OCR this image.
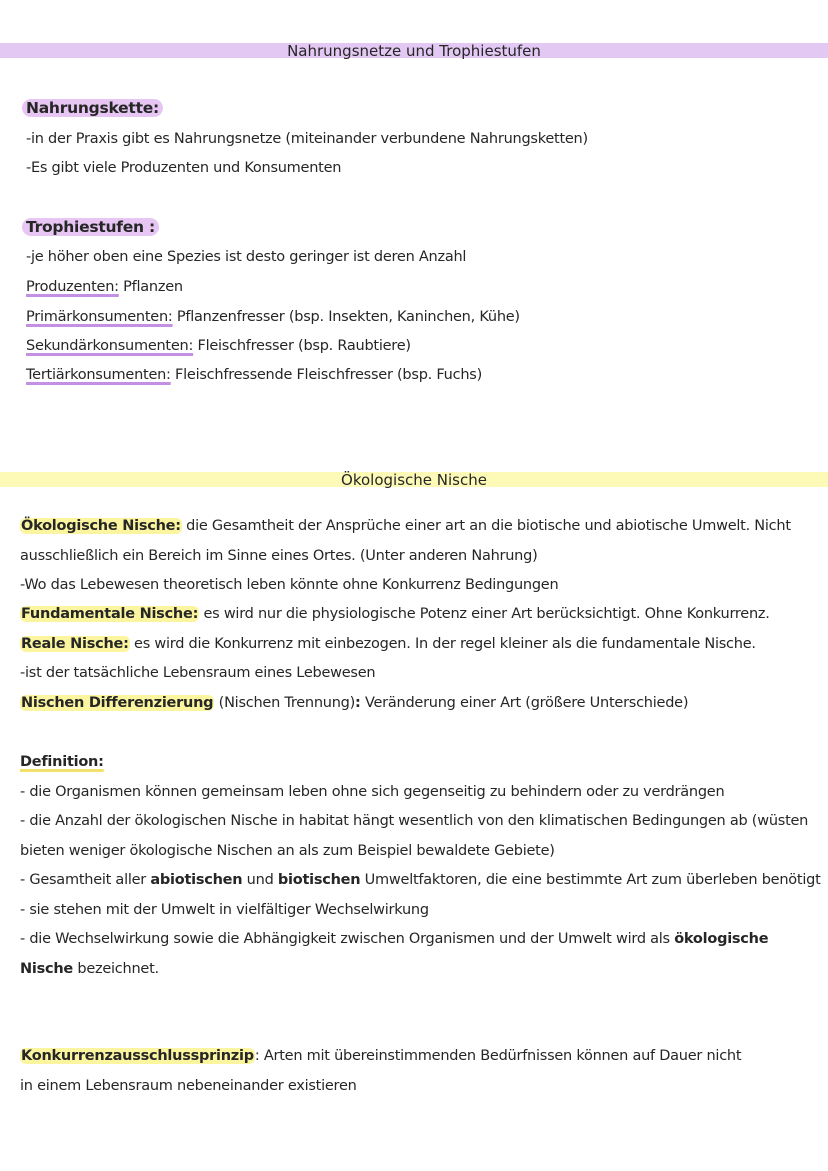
Nahrungsnetze und Trophiestufen
Nahrungskette:
-in der Praxis gibt es Nahrungsnetze (miteinander verbundene Nahrungsketten)
-Es gibt viele Produzenten und Konsumenten
Trophiestufen :
-je höher oben eine Spezies ist desto geringer ist deren Anzahl
Produzenten: Pflanzen
Primärkonsumenten: Pflanzenfresser (bsp. Insekten, Kaninchen, Kühe)
Sekundärkonsumenten: Fleischfresser (bsp. Raubtiere)
Tertiärkonsumenten: Fleischfressende Fleischfresser (bsp. Fuchs)
Ökologische Nische
Ökologische Nische: die Gesamtheit der Ansprüche einer art an die biotische und abiotische Umwelt. Nicht
ausschließlich ein Bereich im Sinne eines Ortes. (Unter anderen Nahrung)
-Wo das Lebewesen theoretisch leben könnte ohne Konkurrenz Bedingungen
Fundamentale Nische: es wird nur die physiologische Potenz einer Art berücksichtigt. Ohne Konkurrenz.
Reale Nische: es wird die Konkurrenz mit einbezogen. In der regel kleiner als die fundamentale Nische.
-ist der tatsächliche Lebensraum eines Lebewesen
Nischen Differenzierung (Nischen Trennung): Veränderung einer Art (größere Unterschiede)
Definition:
- die Organismen können gemeinsam leben ohne sich gegenseitig zu behindern oder zu verdrängen
- die Anzahl der ökologischen Nische in habitat hängt wesentlich von den klimatischen Bedingungen ab (wüsten
bieten weniger ökologische Nischen an als zum Beispiel bewaldete Gebiete)
- Gesamtheit aller abiotischen und biotischen Umweltfaktoren, die eine bestimmte Art zum überleben benötigt
- sie stehen mit der Umwelt in vielfältiger Wechselwirkung
- die Wechselwirkung sowie die Abhängigkeit zwischen Organismen und der Umwelt wird als ökologische
Nische bezeichnet.
Konkurrenzausschlussprinzip: Arten mit übereinstimmenden Bedürfnissen können auf Dauer nicht
in einem Lebensraum nebeneinander existieren
